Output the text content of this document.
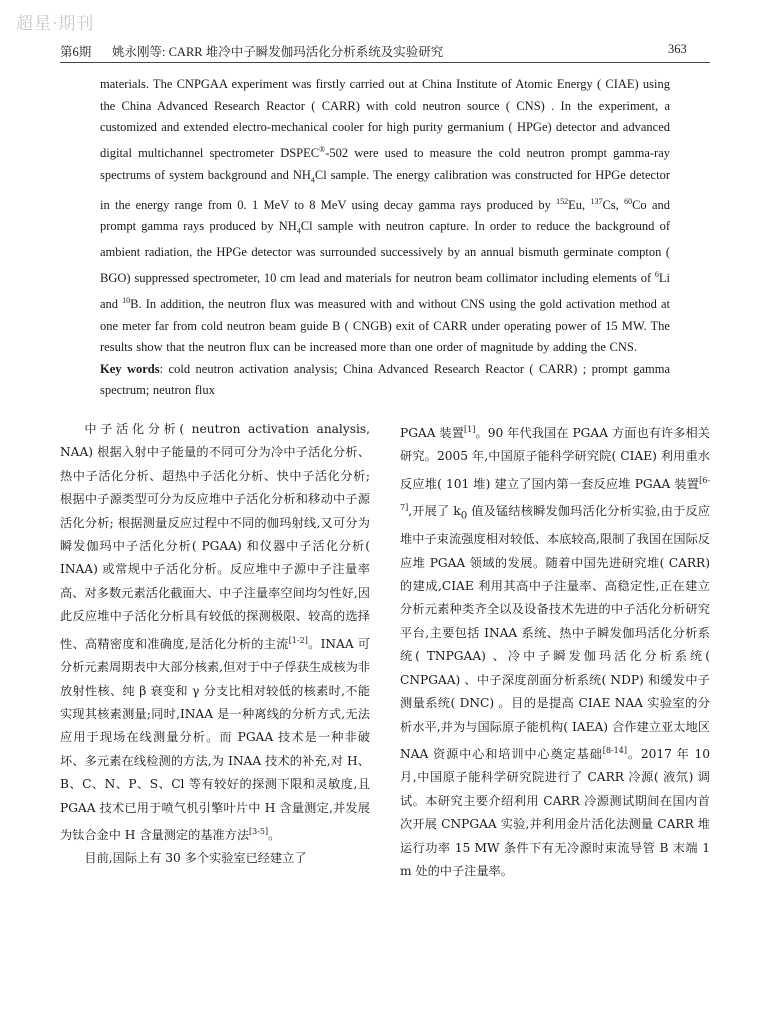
超星·期刊
第6期 姚永刚等: CARR 堆冷中子瞬发伽玛活化分析系统及实验研究	363

materials. The CNPGAA experiment was firstly carried out at China Institute of Atomic Energy ( CIAE) using the China Advanced Research Reactor ( CARR) with cold neutron source ( CNS) . In the experiment, a customized and extended electro-mechanical cooler for high purity germanium ( HPGe) detector and advanced digital multichannel spectrometer DSPEC®-502 were used to measure the cold neutron prompt gamma-ray spectrums of system background and $NH_4Cl$ sample. The energy calibration was constructed for HPGe detector in the energy range from 0. 1 MeV to 8 MeV using decay gamma rays produced by $^{152}$Eu, $^{137}$Cs, $^{60}$Co and prompt gamma rays produced by $NH_4Cl$ sample with neutron capture. In order to reduce the background of ambient radiation, the HPGe detector was surrounded successively by an annual bismuth germinate compton ( BGO) suppressed spectrometer, 10 cm lead and materials for neutron beam collimator including elements of $^6$Li and $^{10}$B. In addition, the neutron flux was measured with and without CNS using the gold activation method at one meter far from cold neutron beam guide B ( CNGB) exit of CARR under operating power of 15 MW. The results show that the neutron flux can be increased more than one order of magnitude by adding the CNS.

Key words: cold neutron activation analysis; China Advanced Research Reactor ( CARR) ; prompt gamma spectrum; neutron flux

中子活化分析( neutron activation analysis, NAA) 根据入射中子能量的不同可分为冷中子活化分析、热中子活化分析、超热中子活化分析、快中子活化分析; 根据中子源类型可分为反应堆中子活化分析和移动中子源活化分析; 根据测量反应过程中不同的伽玛射线,又可分为瞬发伽玛中子活化分析( PGAA) 和仪器中子活化分析( INAA) 或常规中子活化分析。反应堆中子源中子注量率高、对多数元素活化截面大、中子注量率空间均匀性好,因此反应堆中子活化分析具有较低的探测极限、较高的选择性、高精密度和准确度,是活化分析的主流[1-2]。INAA 可分析元素周期表中大部分核素,但对于中子俘获生成核为非放射性核、纯 β 衰变和 γ 分支比相对较低的核素时,不能实现其核素测量;同时,INAA 是一种离线的分析方式,无法应用于现场在线测量分析。而 PGAA 技术是一种非破坏、多元素在线检测的方法,为 INAA 技术的补充,对 H、B、C、N、P、S、Cl 等有较好的探测下限和灵敏度,且 PGAA 技术已用于喷气机引擎叶片中 H 含量测定,并发展为钛合金中 H 含量测定的基准方法[3-5]。

目前,国际上有 30 多个实验室已经建立了

PGAA 装置[1]。90 年代我国在 PGAA 方面也有许多相关研究。2005 年,中国原子能科学研究院( CIAE) 利用重水反应堆( 101 堆) 建立了国内第一套反应堆 PGAA 装置[6-7],开展了 $k_0$ 值及锰结核瞬发伽玛活化分析实验,由于反应堆中子束流强度相对较低、本底较高,限制了我国在国际反应堆 PGAA 领域的发展。随着中国先进研究堆( CARR) 的建成,CIAE 利用其高中子注量率、高稳定性,正在建立分析元素种类齐全以及设备技术先进的中子活化分析研究平台,主要包括 INAA 系统、热中子瞬发伽玛活化分析系统( TNPGAA) 、冷中子瞬发伽玛活化分析系统( CNPGAA) 、中子深度剖面分析系统( NDP) 和缓发中子测量系统( DNC) 。目的是提高 CIAE NAA 实验室的分析水平,并为与国际原子能机构( IAEA) 合作建立亚太地区 NAA 资源中心和培训中心奠定基础[8-14]。2017 年 10 月,中国原子能科学研究院进行了 CARR 冷源( 液氘) 调试。本研究主要介绍利用 CARR 冷源测试期间在国内首次开展 CNPGAA 实验,并利用金片活化法测量 CARR 堆运行功率 15 MW 条件下有无冷源时束流导管 B 末端 1 m 处的中子注量率。
